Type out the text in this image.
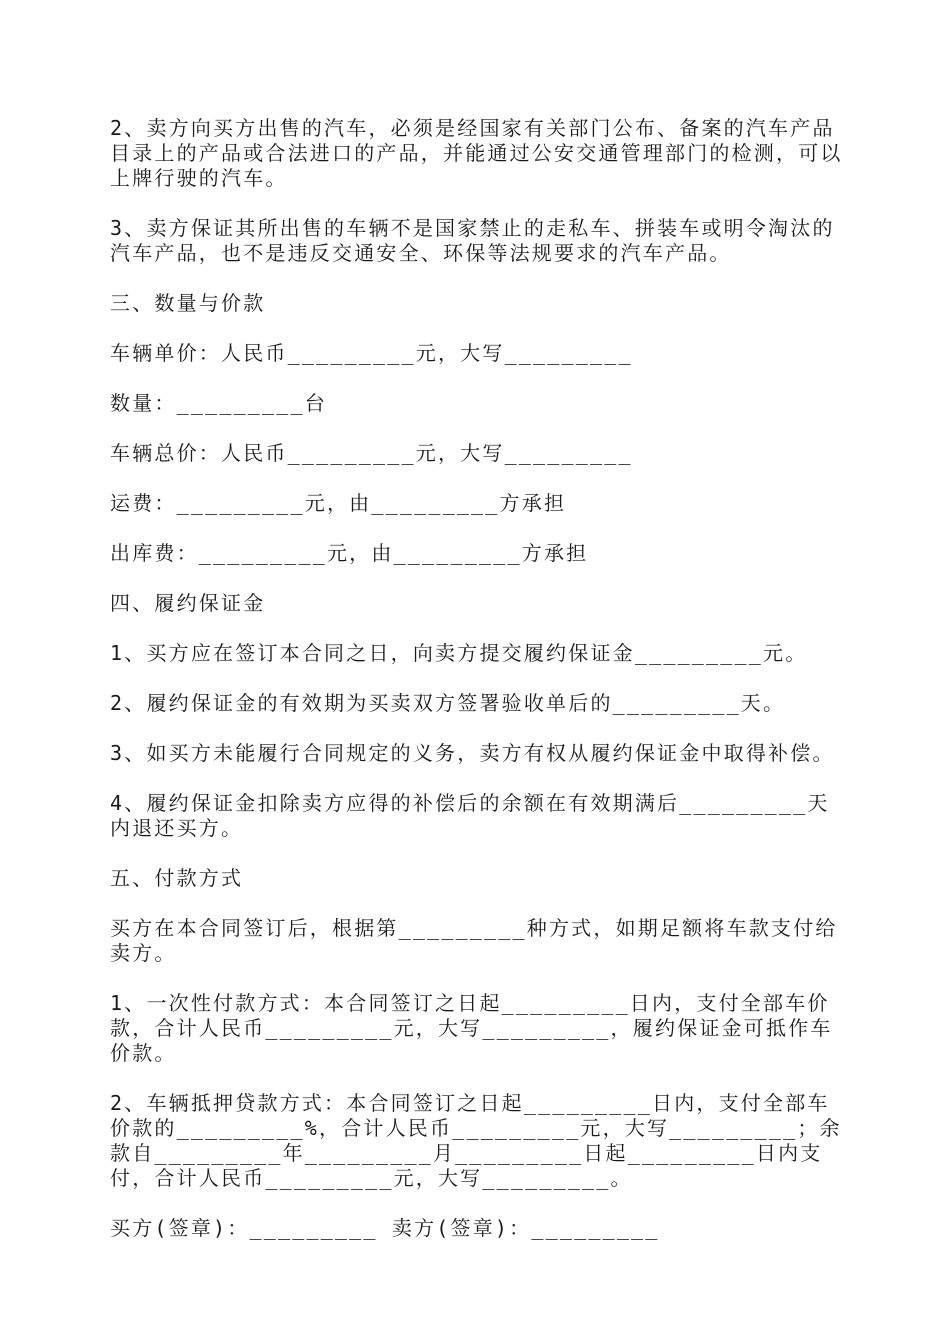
2、卖方向买方出售的汽车，必须是经国家有关部门公布、备案的汽车产品目录上的产品或合法进口的产品，并能通过公安交通管理部门的检测，可以上牌行驶的汽车。

3、卖方保证其所出售的车辆不是国家禁止的走私车、拼装车或明令淘汰的汽车产品，也不是违反交通安全、环保等法规要求的汽车产品。

三、数量与价款

车辆单价：人民币_________元，大写_________

数量：_________台

车辆总价：人民币_________元，大写_________

运费：_________元，由_________方承担

出库费：_________元，由_________方承担

四、履约保证金

1、买方应在签订本合同之日，向卖方提交履约保证金_________元。

2、履约保证金的有效期为买卖双方签署验收单后的_________天。

3、如买方未能履行合同规定的义务，卖方有权从履约保证金中取得补偿。

4、履约保证金扣除卖方应得的补偿后的余额在有效期满后_________天内退还买方。

五、付款方式

买方在本合同签订后，根据第_________种方式，如期足额将车款支付给卖方。

1、一次性付款方式：本合同签订之日起_________日内，支付全部车价款，合计人民币_________元，大写_________，履约保证金可抵作车价款。

2、车辆抵押贷款方式：本合同签订之日起_________日内，支付全部车价款的_________%，合计人民币_________元，大写_________；余款自_________年_________月_________日起_________日内支付，合计人民币_________元，大写_________。

买方(签章)：_________ 卖方(签章)：_________
